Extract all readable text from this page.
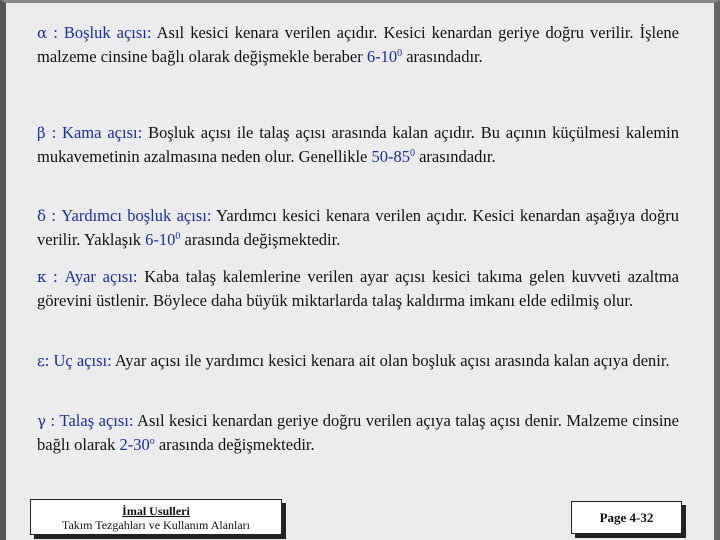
α : Boşluk açısı: Asıl kesici kenara verilen açıdır. Kesici kenardan geriye doğru verilir. İşlene malzeme cinsine bağlı olarak değişmekle beraber $6-10^0$ arasındadır.

β : Kama açısı: Boşluk açısı ile talaş açısı arasında kalan açıdır. Bu açının küçülmesi kalemin mukavemetinin azalmasına neden olur. Genellikle $50-85^0$ arasındadır.

δ : Yardımcı boşluk açısı: Yardımcı kesici kenara verilen açıdır. Kesici kenardan aşağıya doğru verilir. Yaklaşık $6-10^0$ arasında değişmektedir.

κ : Ayar açısı: Kaba talaş kalemlerine verilen ayar açısı kesici takıma gelen kuvveti azaltma görevini üstlenir. Böylece daha büyük miktarlarda talaş kaldırma imkanı elde edilmiş olur.

ε: Uç açısı: Ayar açısı ile yardımcı kesici kenara ait olan boşluk açısı arasında kalan açıya denir.

γ : Talaş açısı: Asıl kesici kenardan geriye doğru verilen açıya talaş açısı denir. Malzeme cinsine bağlı olarak 2-30$^o$ arasında değişmektedir.

İmal Usulleri
Takım Tezgahları ve Kullanım Alanları	Page 4-32
